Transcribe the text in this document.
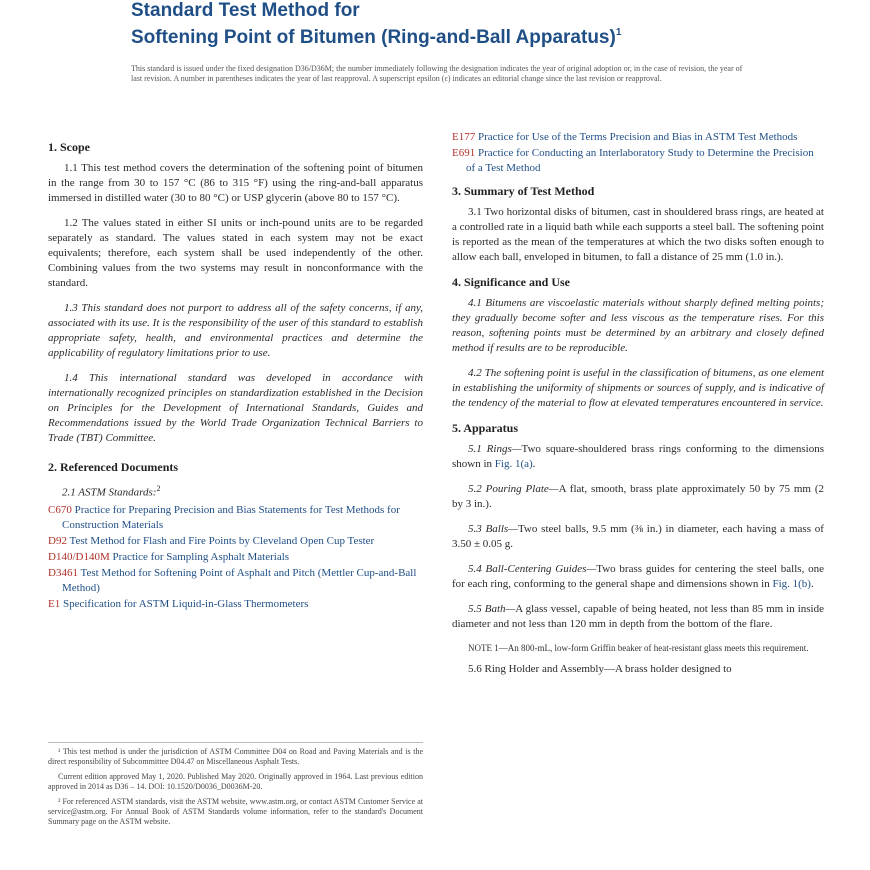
Standard Test Method for
Softening Point of Bitumen (Ring-and-Ball Apparatus)$^1$
This standard is issued under the fixed designation D36/D36M; the number immediately following the designation indicates the year of original adoption or, in the case of revision, the year of last revision. A number in parentheses indicates the year of last reapproval. A superscript epsilon (ε) indicates an editorial change since the last revision or reapproval.
1. Scope

1.1 This test method covers the determination of the softening point of bitumen in the range from 30 to 157 °C (86 to 315 °F) using the ring-and-ball apparatus immersed in distilled water (30 to 80 °C) or USP glycerin (above 80 to 157 °C).

1.2 The values stated in either SI units or inch-pound units are to be regarded separately as standard. The values stated in each system may not be exact equivalents; therefore, each system shall be used independently of the other. Combining values from the two systems may result in nonconformance with the standard.

1.3 This standard does not purport to address all of the safety concerns, if any, associated with its use. It is the responsibility of the user of this standard to establish appropriate safety, health, and environmental practices and determine the applicability of regulatory limitations prior to use.

1.4 This international standard was developed in accordance with internationally recognized principles on standardization established in the Decision on Principles for the Development of International Standards, Guides and Recommendations issued by the World Trade Organization Technical Barriers to Trade (TBT) Committee.

2. Referenced Documents
2.1 ASTM Standards:$^2$
C670 Practice for Preparing Precision and Bias Statements for Test Methods for Construction Materials
D92 Test Method for Flash and Fire Points by Cleveland Open Cup Tester
D140/D140M Practice for Sampling Asphalt Materials
D3461 Test Method for Softening Point of Asphalt and Pitch (Mettler Cup-and-Ball Method)
E1 Specification for ASTM Liquid-in-Glass Thermometers

¹ This test method is under the jurisdiction of ASTM Committee D04 on Road and Paving Materials and is the direct responsibility of Subcommittee D04.47 on Miscellaneous Asphalt Tests.

Current edition approved May 1, 2020. Published May 2020. Originally approved in 1964. Last previous edition approved in 2014 as D36 – 14. DOI: 10.1520/D0036_D0036M-20.

² For referenced ASTM standards, visit the ASTM website, www.astm.org, or contact ASTM Customer Service at service@astm.org. For Annual Book of ASTM Standards volume information, refer to the standard's Document Summary page on the ASTM website.

E177 Practice for Use of the Terms Precision and Bias in ASTM Test Methods
E691 Practice for Conducting an Interlaboratory Study to Determine the Precision of a Test Method
3. Summary of Test Method

3.1 Two horizontal disks of bitumen, cast in shouldered brass rings, are heated at a controlled rate in a liquid bath while each supports a steel ball. The softening point is reported as the mean of the temperatures at which the two disks soften enough to allow each ball, enveloped in bitumen, to fall a distance of 25 mm (1.0 in.).

4. Significance and Use

4.1 Bitumens are viscoelastic materials without sharply defined melting points; they gradually become softer and less viscous as the temperature rises. For this reason, softening points must be determined by an arbitrary and closely defined method if results are to be reproducible.

4.2 The softening point is useful in the classification of bitumens, as one element in establishing the uniformity of shipments or sources of supply, and is indicative of the tendency of the material to flow at elevated temperatures encountered in service.

5. Apparatus

5.1 Rings—Two square-shouldered brass rings conforming to the dimensions shown in Fig. 1(a).

5.2 Pouring Plate—A flat, smooth, brass plate approximately 50 by 75 mm (2 by 3 in.).

5.3 Balls—Two steel balls, 9.5 mm (⅜ in.) in diameter, each having a mass of 3.50 ± 0.05 g.

5.4 Ball-Centering Guides—Two brass guides for centering the steel balls, one for each ring, conforming to the general shape and dimensions shown in Fig. 1(b).

5.5 Bath—A glass vessel, capable of being heated, not less than 85 mm in inside diameter and not less than 120 mm in depth from the bottom of the flare.

NOTE 1—An 800-mL, low-form Griffin beaker of heat-resistant glass meets this requirement.

5.6 Ring Holder and Assembly—A brass holder designed to
